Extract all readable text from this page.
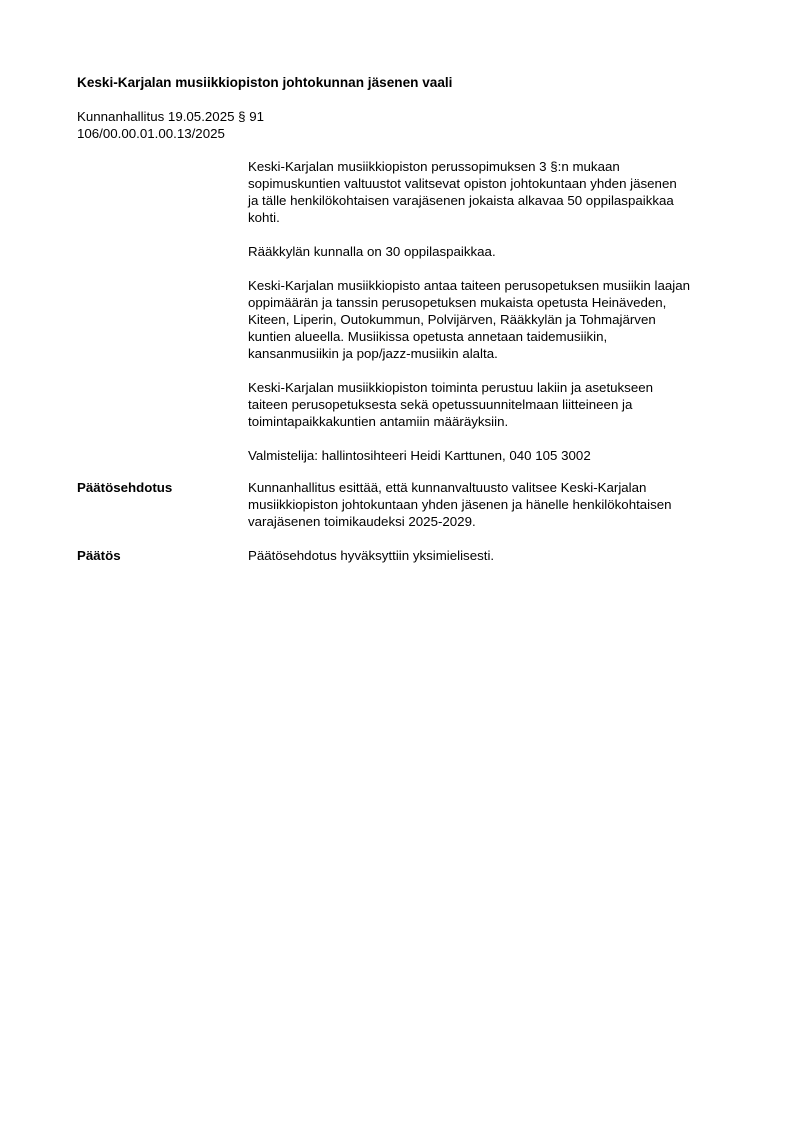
Keski-Karjalan musiikkiopiston johtokunnan jäsenen vaali
Kunnanhallitus 19.05.2025 § 91
106/00.00.01.00.13/2025
Keski-Karjalan musiikkiopiston perussopimuksen 3 §:n mukaan
sopimuskuntien valtuustot valitsevat opiston johtokuntaan yhden jäsenen
ja tälle henkilökohtaisen varajäsenen jokaista alkavaa 50 oppilaspaikkaa
kohti.
Rääkkylän kunnalla on 30 oppilaspaikkaa.
Keski-Karjalan musiikkiopisto antaa taiteen perusopetuksen musiikin laajan
oppimäärän ja tanssin perusopetuksen mukaista opetusta Heinäveden,
Kiteen, Liperin, Outokummun, Polvijärven, Rääkkylän ja Tohmajärven
kuntien alueella. Musiikissa opetusta annetaan taidemusiikin,
kansanmusiikin ja pop/jazz-musiikin alalta.
Keski-Karjalan musiikkiopiston toiminta perustuu lakiin ja asetukseen
taiteen perusopetuksesta sekä opetussuunnitelmaan liitteineen ja
toimintapaikkakuntien antamiin määräyksiin.
Valmistelija: hallintosihteeri Heidi Karttunen, 040 105 3002
Päätösehdotus	Kunnanhallitus esittää, että kunnanvaltuusto valitsee Keski-Karjalan
musiikkiopiston johtokuntaan yhden jäsenen ja hänelle henkilökohtaisen
varajäsenen toimikaudeksi 2025-2029.
Päätös	Päätösehdotus hyväksyttiin yksimielisesti.
